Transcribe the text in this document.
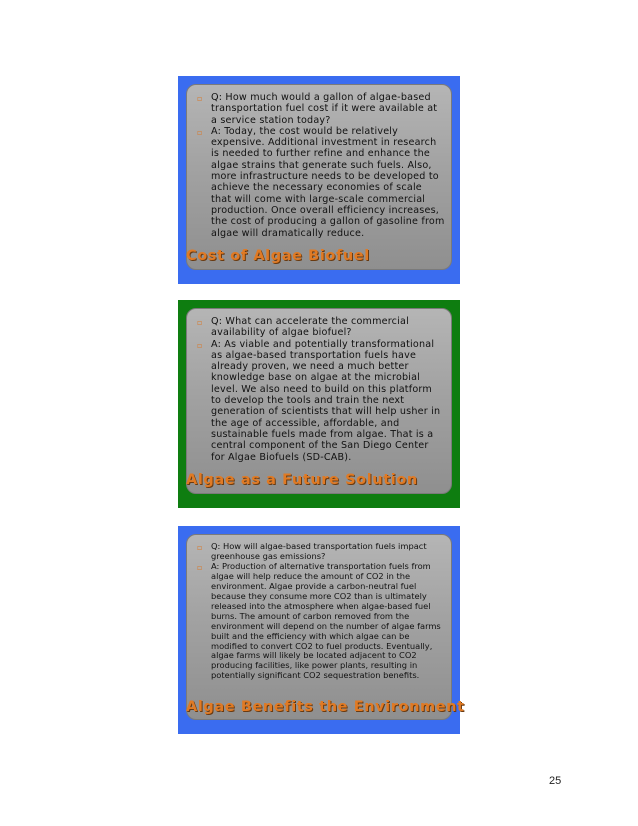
▫ Q: How much would a gallon of algae-based transportation fuel cost if it were available at a service station today?
▫ A: Today, the cost would be relatively expensive. Additional investment in research is needed to further refine and enhance the algae strains that generate such fuels. Also, more infrastructure needs to be developed to achieve the necessary economies of scale that will come with large-scale commercial production. Once overall efficiency increases, the cost of producing a gallon of gasoline from algae will dramatically reduce.
Cost of Algae Biofuel
▫ Q: What can accelerate the commercial availability of algae biofuel?
▫ A: As viable and potentially transformational as algae-based transportation fuels have already proven, we need a much better knowledge base on algae at the microbial level. We also need to build on this platform to develop the tools and train the next generation of scientists that will help usher in the age of accessible, affordable, and sustainable fuels made from algae. That is a central component of the San Diego Center for Algae Biofuels (SD-CAB).
Algae as a Future Solution
▫ Q: How will algae-based transportation fuels impact greenhouse gas emissions?
▫ A: Production of alternative transportation fuels from algae will help reduce the amount of CO2 in the environment. Algae provide a carbon-neutral fuel because they consume more CO2 than is ultimately released into the atmosphere when algae-based fuel burns. The amount of carbon removed from the environment will depend on the number of algae farms built and the efficiency with which algae can be modified to convert CO2 to fuel products. Eventually, algae farms will likely be located adjacent to CO2 producing facilities, like power plants, resulting in potentially significant CO2 sequestration benefits.
Algae Benefits the Environment
25
